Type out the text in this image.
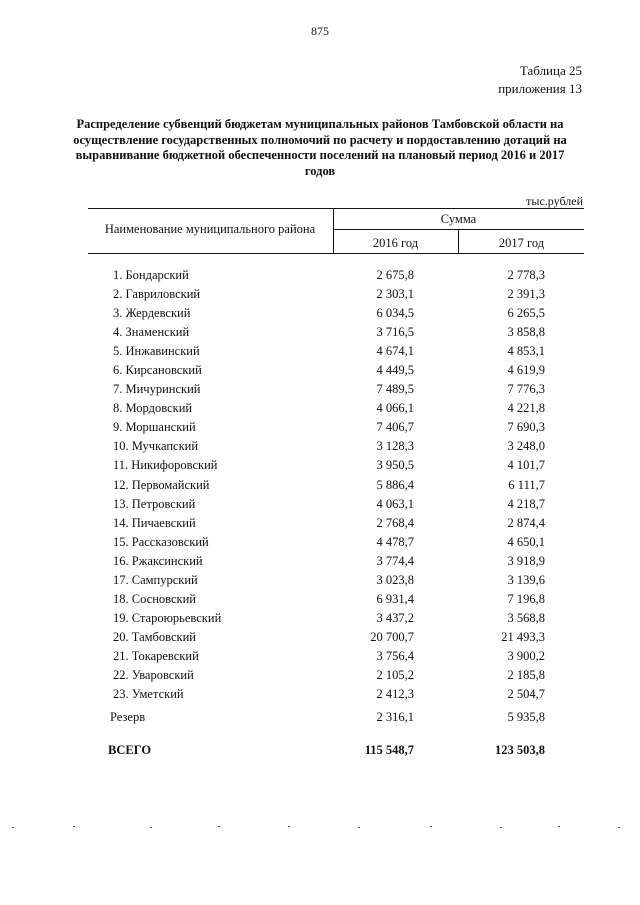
875
Таблица 25
приложения 13
Распределение субвенций бюджетам муниципальных районов Тамбовской области на осуществление государственных полномочий по расчету и пордоставлению дотаций на выравнивание бюджетной обеспеченности поселений на плановый период 2016 и 2017 годов
тыс.рублей
Наименование муниципального района
Сумма
2016 год	2017 год
1. Бондарский	2 675,8	2 778,3
2. Гавриловский	2 303,1	2 391,3
3. Жердевский	6 034,5	6 265,5
4. Знаменский	3 716,5	3 858,8
5. Инжавинский	4 674,1	4 853,1
6. Кирсановский	4 449,5	4 619,9
7. Мичуринский	7 489,5	7 776,3
8. Мордовский	4 066,1	4 221,8
9. Моршанский	7 406,7	7 690,3
10. Мучкапский	3 128,3	3 248,0
11. Никифоровский	3 950,5	4 101,7
12. Первомайский	5 886,4	6 111,7
13. Петровский	4 063,1	4 218,7
14. Пичаевский	2 768,4	2 874,4
15. Рассказовский	4 478,7	4 650,1
16. Ржаксинский	3 774,4	3 918,9
17. Сампурский	3 023,8	3 139,6
18. Сосновский	6 931,4	7 196,8
19. Староюрьевский	3 437,2	3 568,8
20. Тамбовский	20 700,7	21 493,3
21. Токаревский	3 756,4	3 900,2
22. Уваровский	2 105,2	2 185,8
23. Уметский	2 412,3	2 504,7
Резерв	2 316,1	5 935,8
ВСЕГО	115 548,7	123 503,8
